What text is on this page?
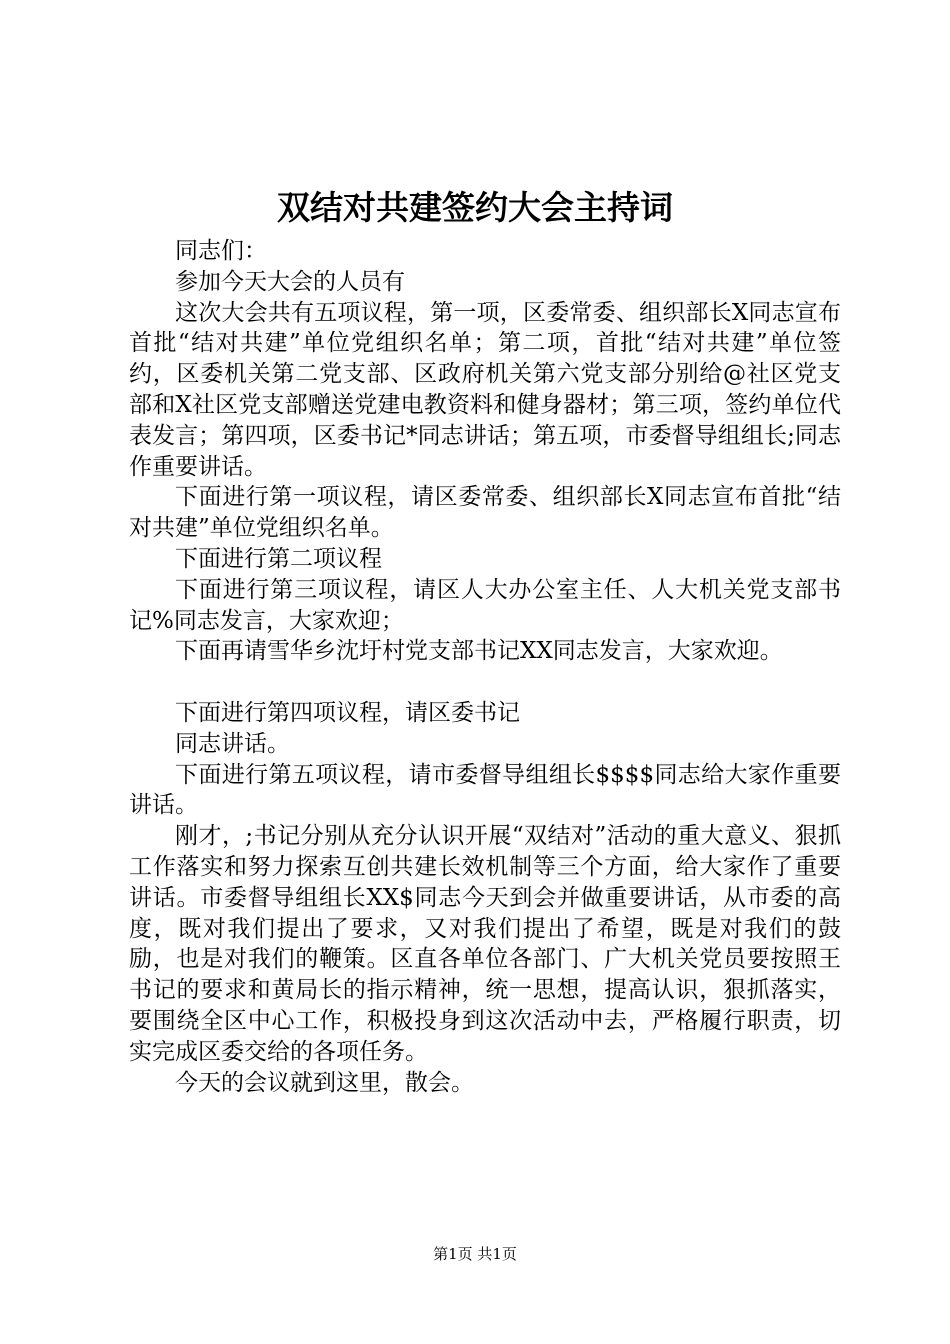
双结对共建签约大会主持词

同志们：

参加今天大会的人员有

这次大会共有五项议程，第一项，区委常委、组织部长X同志宣布首批“结对共建”单位党组织名单；第二项，首批“结对共建”单位签约，区委机关第二党支部、区政府机关第六党支部分别给@社区党支部和X社区党支部赠送党建电教资料和健身器材；第三项，签约单位代表发言；第四项，区委书记*同志讲话；第五项，市委督导组组长;同志作重要讲话。

下面进行第一项议程，请区委常委、组织部长X同志宣布首批“结对共建”单位党组织名单。

下面进行第二项议程

下面进行第三项议程，请区人大办公室主任、人大机关党支部书记%同志发言，大家欢迎；

下面再请雪华乡沈圩村党支部书记XX同志发言，大家欢迎。

下面进行第四项议程，请区委书记

同志讲话。

下面进行第五项议程，请市委督导组组长$$$$同志给大家作重要讲话。

刚才，;书记分别从充分认识开展“双结对”活动的重大意义、狠抓工作落实和努力探索互创共建长效机制等三个方面，给大家作了重要讲话。市委督导组组长XX$同志今天到会并做重要讲话，从市委的高度，既对我们提出了要求，又对我们提出了希望，既是对我们的鼓励，也是对我们的鞭策。区直各单位各部门、广大机关党员要按照王书记的要求和黄局长的指示精神，统一思想，提高认识，狠抓落实，要围绕全区中心工作，积极投身到这次活动中去，严格履行职责，切实完成区委交给的各项任务。

今天的会议就到这里，散会。

第1页 共1页
